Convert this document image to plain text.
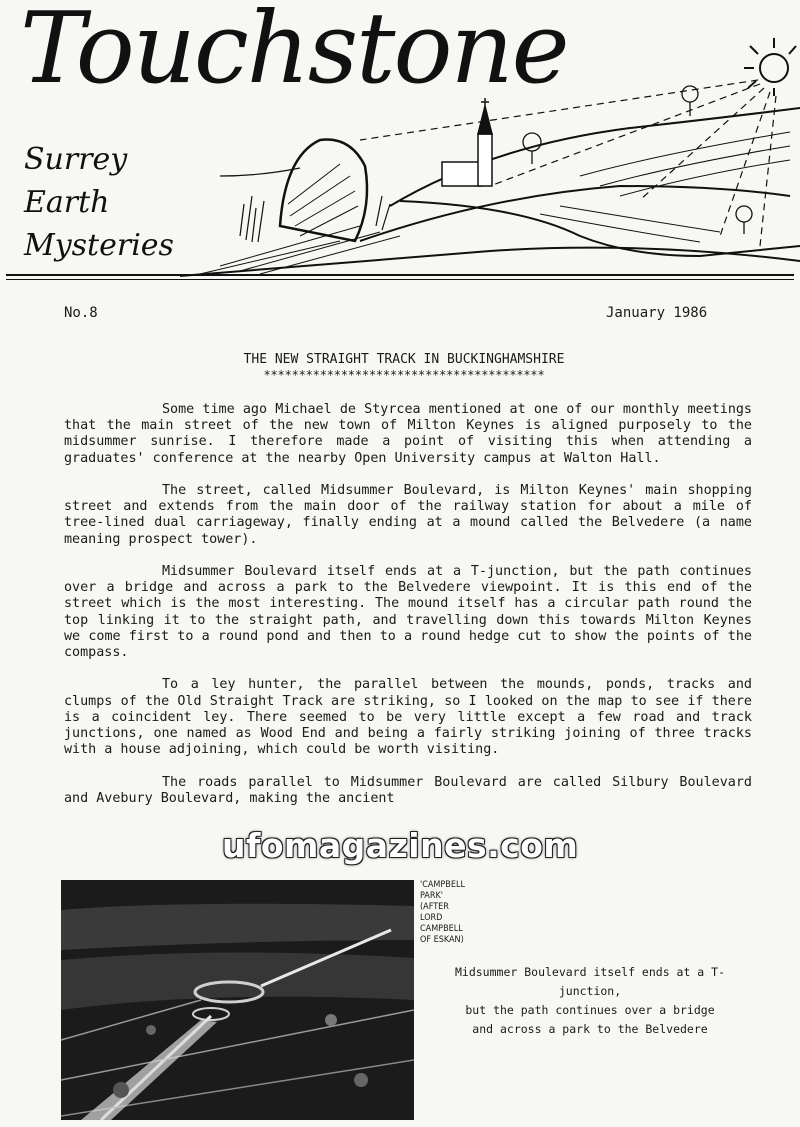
Touchstone
Surrey
Earth
Mysteries
No.8	January 1986
THE NEW STRAIGHT TRACK IN BUCKINGHAMSHIRE
****************************************

Some time ago Michael de Styrcea mentioned at one of our monthly meetings that the main street of the new town of Milton Keynes is aligned purposely to the midsummer sunrise. I therefore made a point of visiting this when attending a graduates' conference at the nearby Open University campus at Walton Hall.

The street, called Midsummer Boulevard, is Milton Keynes' main shopping street and extends from the main door of the railway station for about a mile of tree-lined dual carriageway, finally ending at a mound called the Belvedere (a name meaning prospect tower).

Midsummer Boulevard itself ends at a T-junction, but the path continues over a bridge and across a park to the Belvedere viewpoint. It is this end of the street which is the most interesting. The mound itself has a circular path round the top linking it to the straight path, and travelling down this towards Milton Keynes we come first to a round pond and then to a round hedge cut to show the points of the compass.

To a ley hunter, the parallel between the mounds, ponds, tracks and clumps of the Old Straight Track are striking, so I looked on the map to see if there is a coincident ley. There seemed to be very little except a few road and track junctions, one named as Wood End and being a fairly striking joining of three tracks with a house adjoining, which could be worth visiting.

The roads parallel to Midsummer Boulevard are called Silbury Boulevard and Avebury Boulevard, making the ancient

ufomagazines.com
'CAMPBELL
PARK'
(AFTER
LORD
CAMPBELL
OF ESKAN)
Midsummer Boulevard itself ends at a T-junction,
but the path continues over a bridge
and across a park to the Belvedere
